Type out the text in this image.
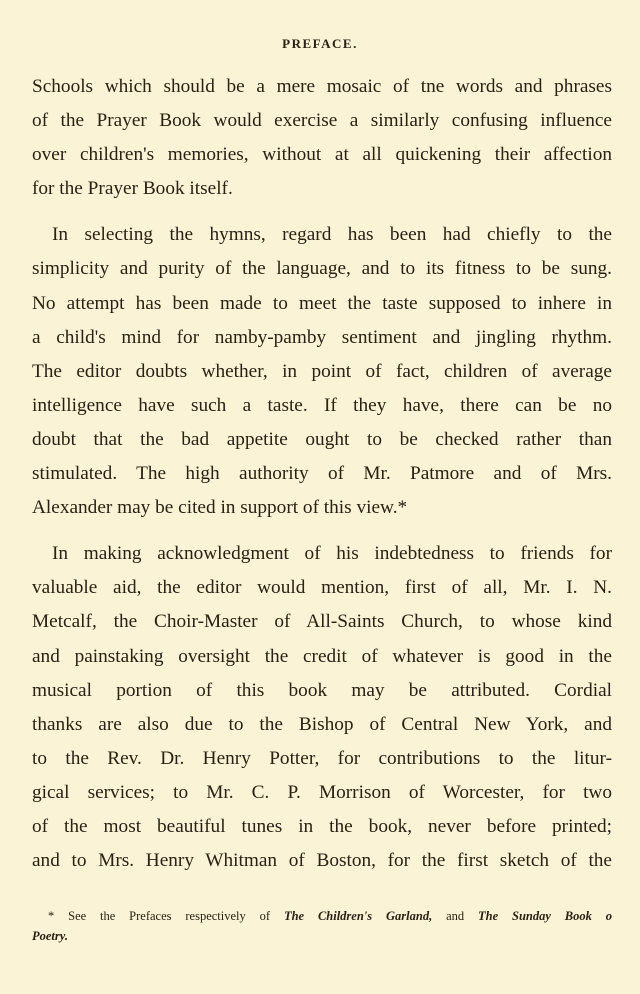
PREFACE.
Schools which should be a mere mosaic of tne words and phrases
of the Prayer Book would exercise a similarly confusing influence
over children's memories, without at all quickening their affection
for the Prayer Book itself.
In selecting the hymns, regard has been had chiefly to the
simplicity and purity of the language, and to its fitness to be sung.
No attempt has been made to meet the taste supposed to inhere in
a child's mind for namby-pamby sentiment and jingling rhythm.
The editor doubts whether, in point of fact, children of average
intelligence have such a taste. If they have, there can be no
doubt that the bad appetite ought to be checked rather than
stimulated. The high authority of Mr. Patmore and of Mrs.
Alexander may be cited in support of this view.*
In making acknowledgment of his indebtedness to friends for
valuable aid, the editor would mention, first of all, Mr. I. N.
Metcalf, the Choir-Master of All-Saints Church, to whose kind
and painstaking oversight the credit of whatever is good in the
musical portion of this book may be attributed. Cordial
thanks are also due to the Bishop of Central New York, and
to the Rev. Dr. Henry Potter, for contributions to the litur-
gical services; to Mr. C. P. Morrison of Worcester, for two
of the most beautiful tunes in the book, never before printed;
and to Mrs. Henry Whitman of Boston, for the first sketch of the
* See the Prefaces respectively of The Children's Garland, and The Sunday Book o
Poetry.
